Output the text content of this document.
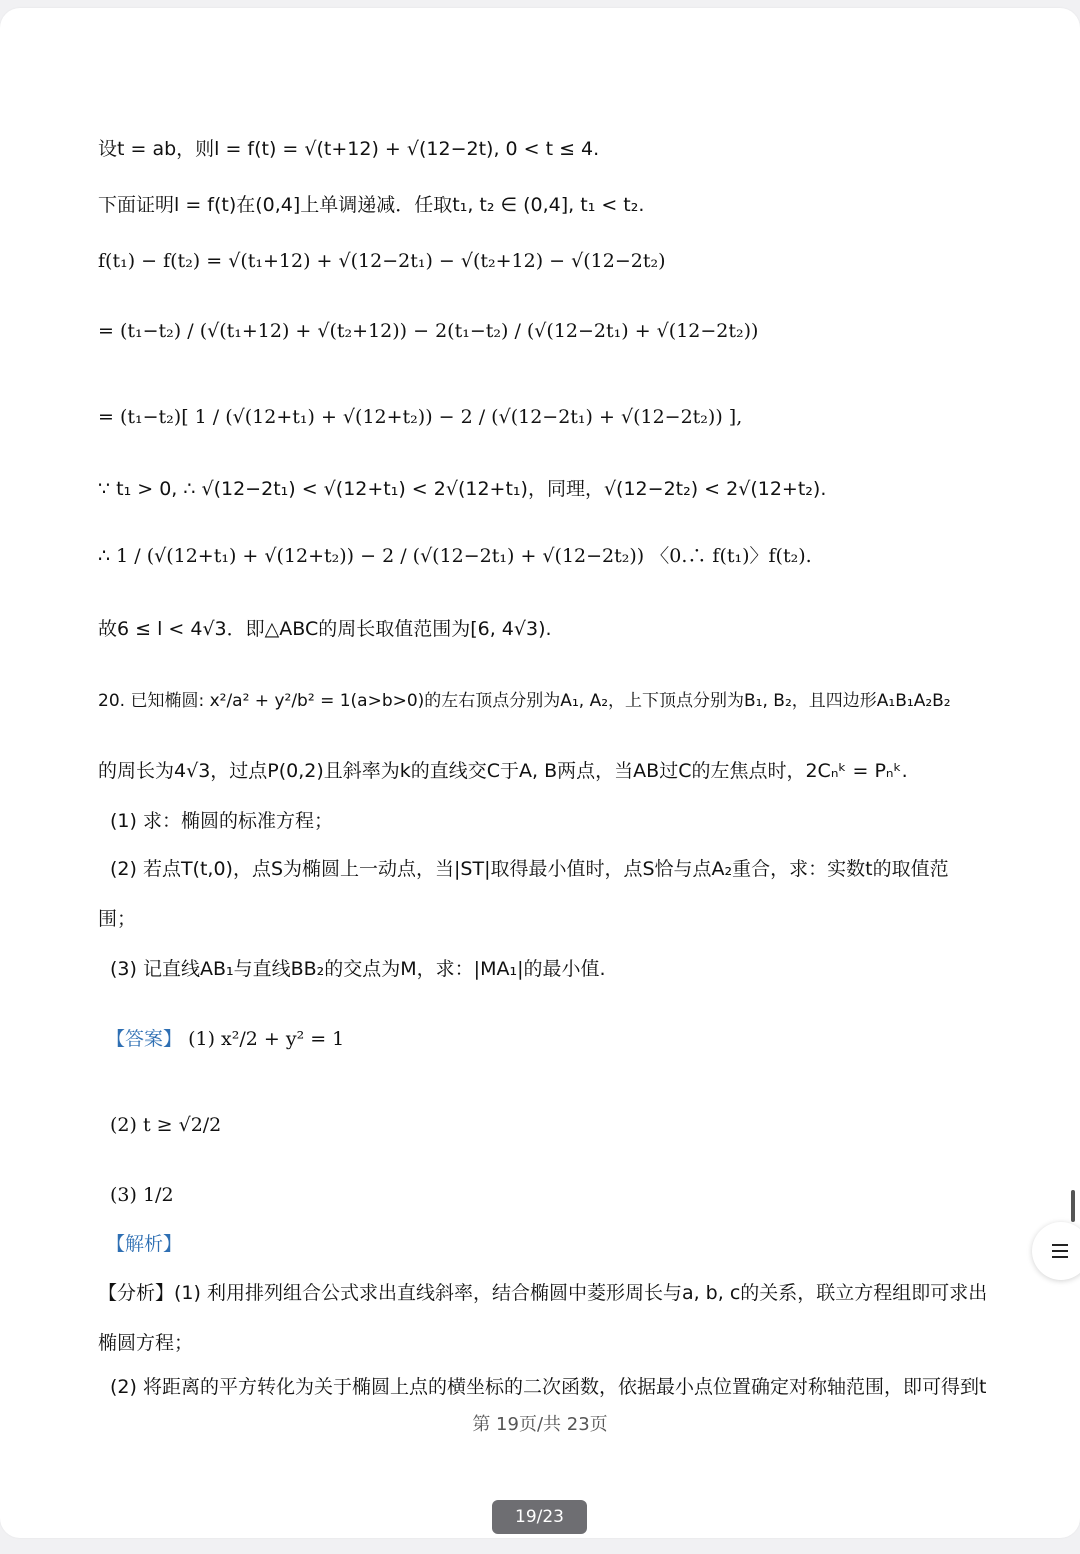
设t = ab，则l = f(t) = √(t+12) + √(12−2t), 0 < t ≤ 4.
下面证明l = f(t)在(0,4]上单调递减．任取t₁, t₂ ∈ (0,4], t₁ < t₂.
f(t₁) − f(t₂) = √(t₁+12) + √(12−2t₁) − √(t₂+12) − √(12−2t₂)
= (t₁−t₂) / (√(t₁+12) + √(t₂+12)) − 2(t₁−t₂) / (√(12−2t₁) + √(12−2t₂))
= (t₁−t₂)[ 1 / (√(12+t₁) + √(12+t₂)) − 2 / (√(12−2t₁) + √(12−2t₂)) ],
∵ t₁ > 0, ∴ √(12−2t₁) < √(12+t₁) < 2√(12+t₁)，同理，√(12−2t₂) < 2√(12+t₂).
∴ 1 / (√(12+t₁) + √(12+t₂)) − 2 / (√(12−2t₁) + √(12−2t₂)) 〈0.∴ f(t₁)〉f(t₂).
故6 ≤ l < 4√3．即△ABC的周长取值范围为[6, 4√3).
20. 已知椭圆: x²/a² + y²/b² = 1(a>b>0)的左右顶点分别为A₁, A₂，上下顶点分别为B₁, B₂，且四边形A₁B₁A₂B₂
的周长为4√3，过点P(0,2)且斜率为k的直线交C于A, B两点，当AB过C的左焦点时，2Cₙᵏ = Pₙᵏ.
(1) 求：椭圆的标准方程；
(2) 若点T(t,0)，点S为椭圆上一动点，当|ST|取得最小值时，点S恰与点A₂重合，求：实数t的取值范
围；
(3) 记直线AB₁与直线BB₂的交点为M，求：|MA₁|的最小值.
【答案】 (1) x²/2 + y² = 1
(2) t ≥ √2/2
(3) 1/2
【解析】
【分析】(1) 利用排列组合公式求出直线斜率，结合椭圆中菱形周长与a, b, c的关系，联立方程组即可求出
椭圆方程；
(2) 将距离的平方转化为关于椭圆上点的横坐标的二次函数，依据最小点位置确定对称轴范围，即可得到t
第 19页/共 23页
19/23
